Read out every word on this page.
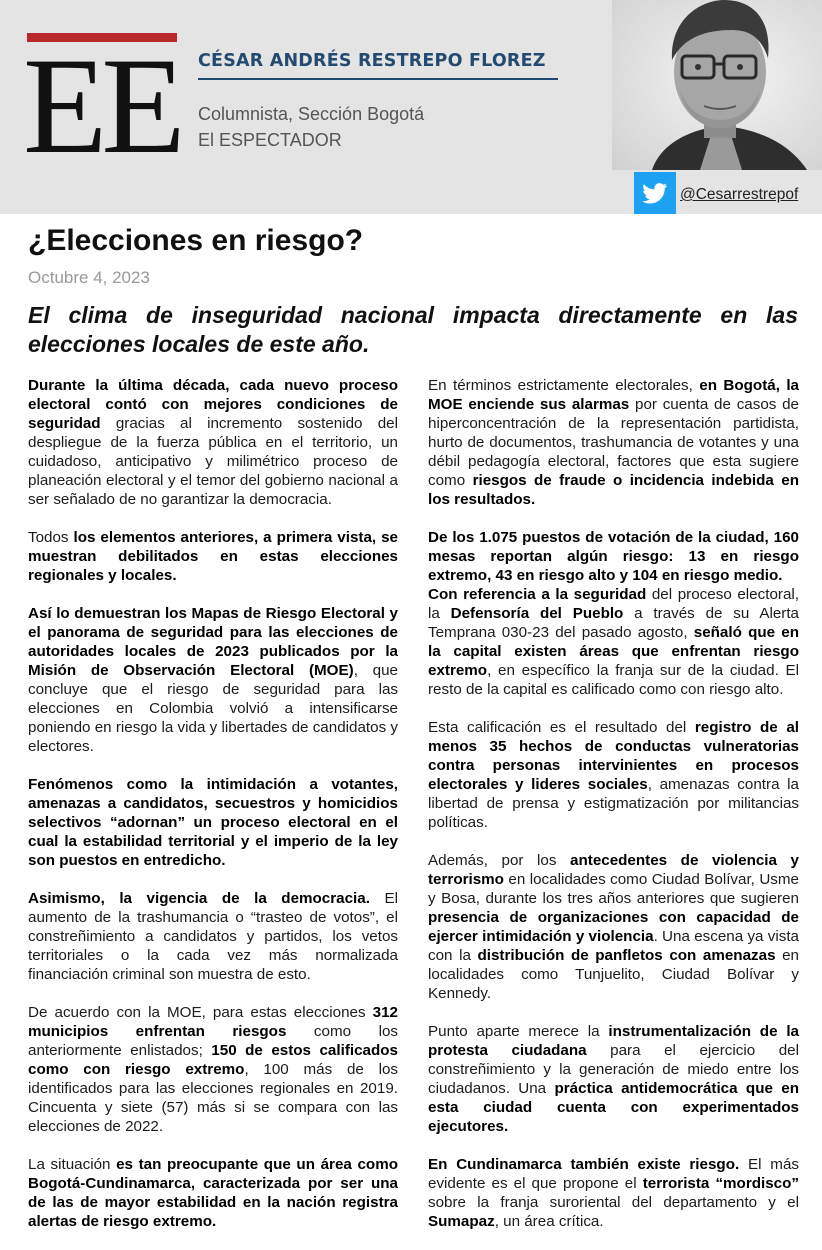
EE CÉSAR ANDRÉS RESTREPO FLOREZ
Columnista, Sección Bogotá
El ESPECTADOR
@Cesarrestrepof
¿Elecciones en riesgo?
Octubre 4, 2023

El clima de inseguridad nacional impacta directamente en las elecciones locales de este año.

Durante la última década, cada nuevo proceso electoral contó con mejores condiciones de seguridad gracias al incremento sostenido del despliegue de la fuerza pública en el territorio, un cuidadoso, anticipativo y milimétrico proceso de planeación electoral y el temor del gobierno nacional a ser señalado de no garantizar la democracia.

Todos los elementos anteriores, a primera vista, se muestran debilitados en estas elecciones regionales y locales.

Así lo demuestran los Mapas de Riesgo Electoral y el panorama de seguridad para las elecciones de autoridades locales de 2023 publicados por la Misión de Observación Electoral (MOE), que concluye que el riesgo de seguridad para las elecciones en Colombia volvió a intensificarse poniendo en riesgo la vida y libertades de candidatos y electores.

Fenómenos como la intimidación a votantes, amenazas a candidatos, secuestros y homicidios selectivos “adornan” un proceso electoral en el cual la estabilidad territorial y el imperio de la ley son puestos en entredicho.

Asimismo, la vigencia de la democracia. El aumento de la trashumancia o “trasteo de votos”, el constreñimiento a candidatos y partidos, los vetos territoriales o la cada vez más normalizada financiación criminal son muestra de esto.

De acuerdo con la MOE, para estas elecciones 312 municipios enfrentan riesgos como los anteriormente enlistados; 150 de estos calificados como con riesgo extremo, 100 más de los identificados para las elecciones regionales en 2019. Cincuenta y siete (57) más si se compara con las elecciones de 2022.

La situación es tan preocupante que un área como Bogotá-Cundinamarca, caracterizada por ser una de las de mayor estabilidad en la nación registra alertas de riesgo extremo.

En términos estrictamente electorales, en Bogotá, la MOE enciende sus alarmas por cuenta de casos de hiperconcentración de la representación partidista, hurto de documentos, trashumancia de votantes y una débil pedagogía electoral, factores que esta sugiere como riesgos de fraude o incidencia indebida en los resultados.

De los 1.075 puestos de votación de la ciudad, 160 mesas reportan algún riesgo: 13 en riesgo extremo, 43 en riesgo alto y 104 en riesgo medio.

Con referencia a la seguridad del proceso electoral, la Defensoría del Pueblo a través de su Alerta Temprana 030-23 del pasado agosto, señaló que en la capital existen áreas que enfrentan riesgo extremo, en específico la franja sur de la ciudad. El resto de la capital es calificado como con riesgo alto.

Esta calificación es el resultado del registro de al menos 35 hechos de conductas vulneratorias contra personas intervinientes en procesos electorales y lideres sociales, amenazas contra la libertad de prensa y estigmatización por militancias políticas.

Además, por los antecedentes de violencia y terrorismo en localidades como Ciudad Bolívar, Usme y Bosa, durante los tres años anteriores que sugieren presencia de organizaciones con capacidad de ejercer intimidación y violencia. Una escena ya vista con la distribución de panfletos con amenazas en localidades como Tunjuelito, Ciudad Bolívar y Kennedy.

Punto aparte merece la instrumentalización de la protesta ciudadana para el ejercicio del constreñimiento y la generación de miedo entre los ciudadanos. Una práctica antidemocrática que en esta ciudad cuenta con experimentados ejecutores.

En Cundinamarca también existe riesgo. El más evidente es el que propone el terrorista “mordisco” sobre la franja suroriental del departamento y el Sumapaz, un área crítica.
